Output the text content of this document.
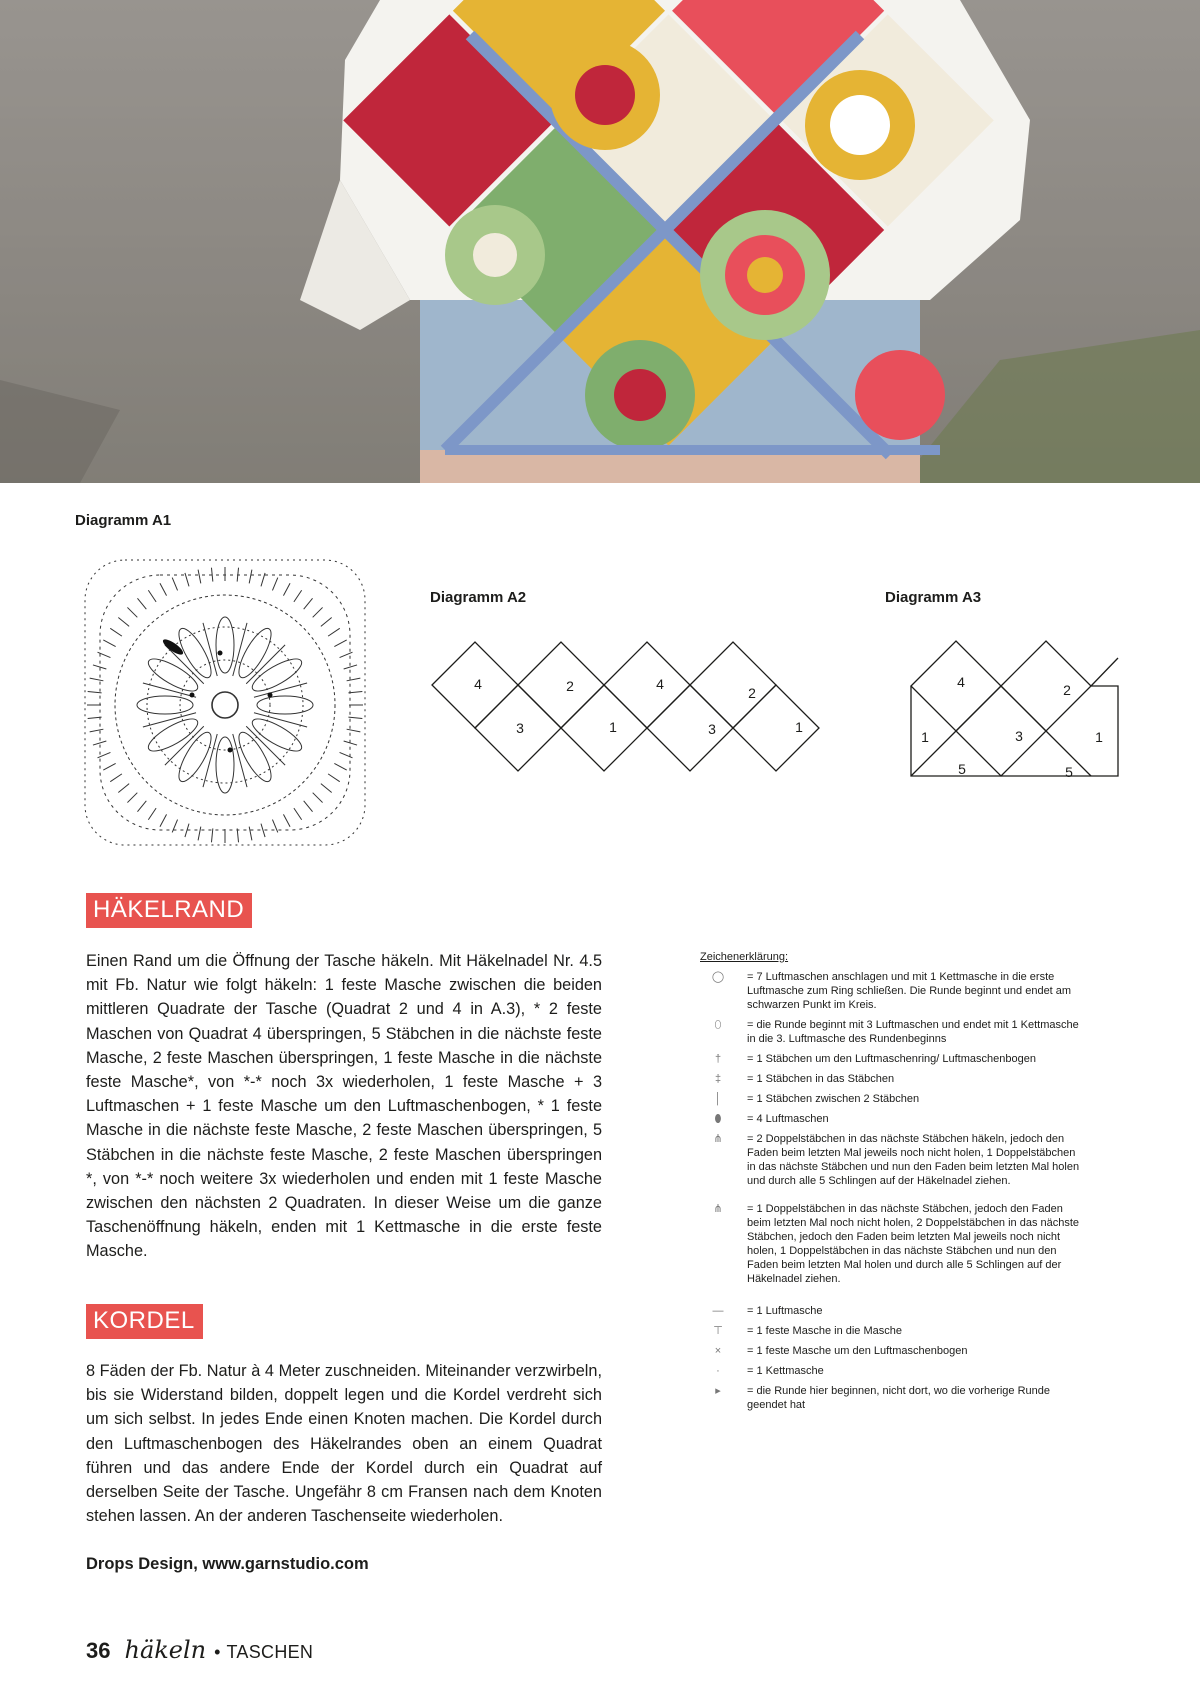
Diagramm A1
Diagramm A2	Diagramm A3
4	2	4
2
3	1	3	1
4	2
1	3	1
5	5
HÄKELRAND
Einen Rand um die Öffnung der Tasche häkeln. Mit Häkelnadel Nr. 4.5 mit Fb. Natur wie folgt häkeln: 1 feste Masche zwischen die beiden mittleren Quadrate der Tasche (Quadrat 2 und 4 in A.3), * 2 feste Maschen von Quadrat 4 überspringen, 5 Stäbchen in die nächste feste Masche, 2 feste Maschen überspringen, 1 feste Masche in die nächste feste Masche*, von *-* noch 3x wiederholen, 1 feste Masche + 3 Luftmaschen + 1 feste Masche um den Luftmaschenbogen, * 1 feste Masche in die nächste feste Masche, 2 feste Maschen überspringen, 5 Stäbchen in die nächste feste Masche, 2 feste Maschen überspringen *, von *-* noch weitere 3x wiederholen und enden mit 1 feste Masche zwischen den nächsten 2 Quadraten. In dieser Weise um die ganze Taschenöffnung häkeln, enden mit 1 Kettmasche in die erste feste Masche.
KORDEL
8 Fäden der Fb. Natur à 4 Meter zuschneiden. Miteinander verzwirbeln, bis sie Widerstand bilden, doppelt legen und die Kordel verdreht sich um sich selbst. In jedes Ende einen Knoten machen. Die Kordel durch den Luftmaschenbogen des Häkelrandes oben an einem Quadrat führen und das andere Ende der Kordel durch ein Quadrat auf derselben Seite der Tasche. Ungefähr 8 cm Fransen nach dem Knoten stehen lassen. An der anderen Taschenseite wiederholen.
Drops Design, www.garnstudio.com
Zeichenerklärung:
◯	= 7 Luftmaschen anschlagen und mit 1 Kettmasche in die erste Luftmasche zum Ring schließen. Die Runde beginnt und endet am schwarzen Punkt im Kreis.
⬯	= die Runde beginnt mit 3 Luftmaschen und endet mit 1 Kettmasche in die 3. Luftmasche des Rundenbeginns
†	= 1 Stäbchen um den Luftmaschenring/ Luftmaschenbogen
‡	= 1 Stäbchen in das Stäbchen
│	= 1 Stäbchen zwischen 2 Stäbchen
⬮	= 4 Luftmaschen
⋔	= 2 Doppelstäbchen in das nächste Stäbchen häkeln, jedoch den Faden beim letzten Mal jeweils noch nicht holen, 1 Doppelstäbchen in das nächste Stäbchen und nun den Faden beim letzten Mal holen und durch alle 5 Schlingen auf der Häkelnadel ziehen.
⋔	= 1 Doppelstäbchen in das nächste Stäbchen, jedoch den Faden beim letzten Mal noch nicht holen, 2 Doppelstäbchen in das nächste Stäbchen, jedoch den Faden beim letzten Mal jeweils noch nicht holen, 1 Doppelstäbchen in das nächste Stäbchen und nun den Faden beim letzten Mal holen und durch alle 5 Schlingen auf der Häkelnadel ziehen.
—	= 1 Luftmasche
⊤	= 1 feste Masche in die Masche
×	= 1 feste Masche um den Luftmaschenbogen
·	= 1 Kettmasche
▸	= die Runde hier beginnen, nicht dort, wo die vorherige Runde geendet hat
36 häkeln • TASCHEN
